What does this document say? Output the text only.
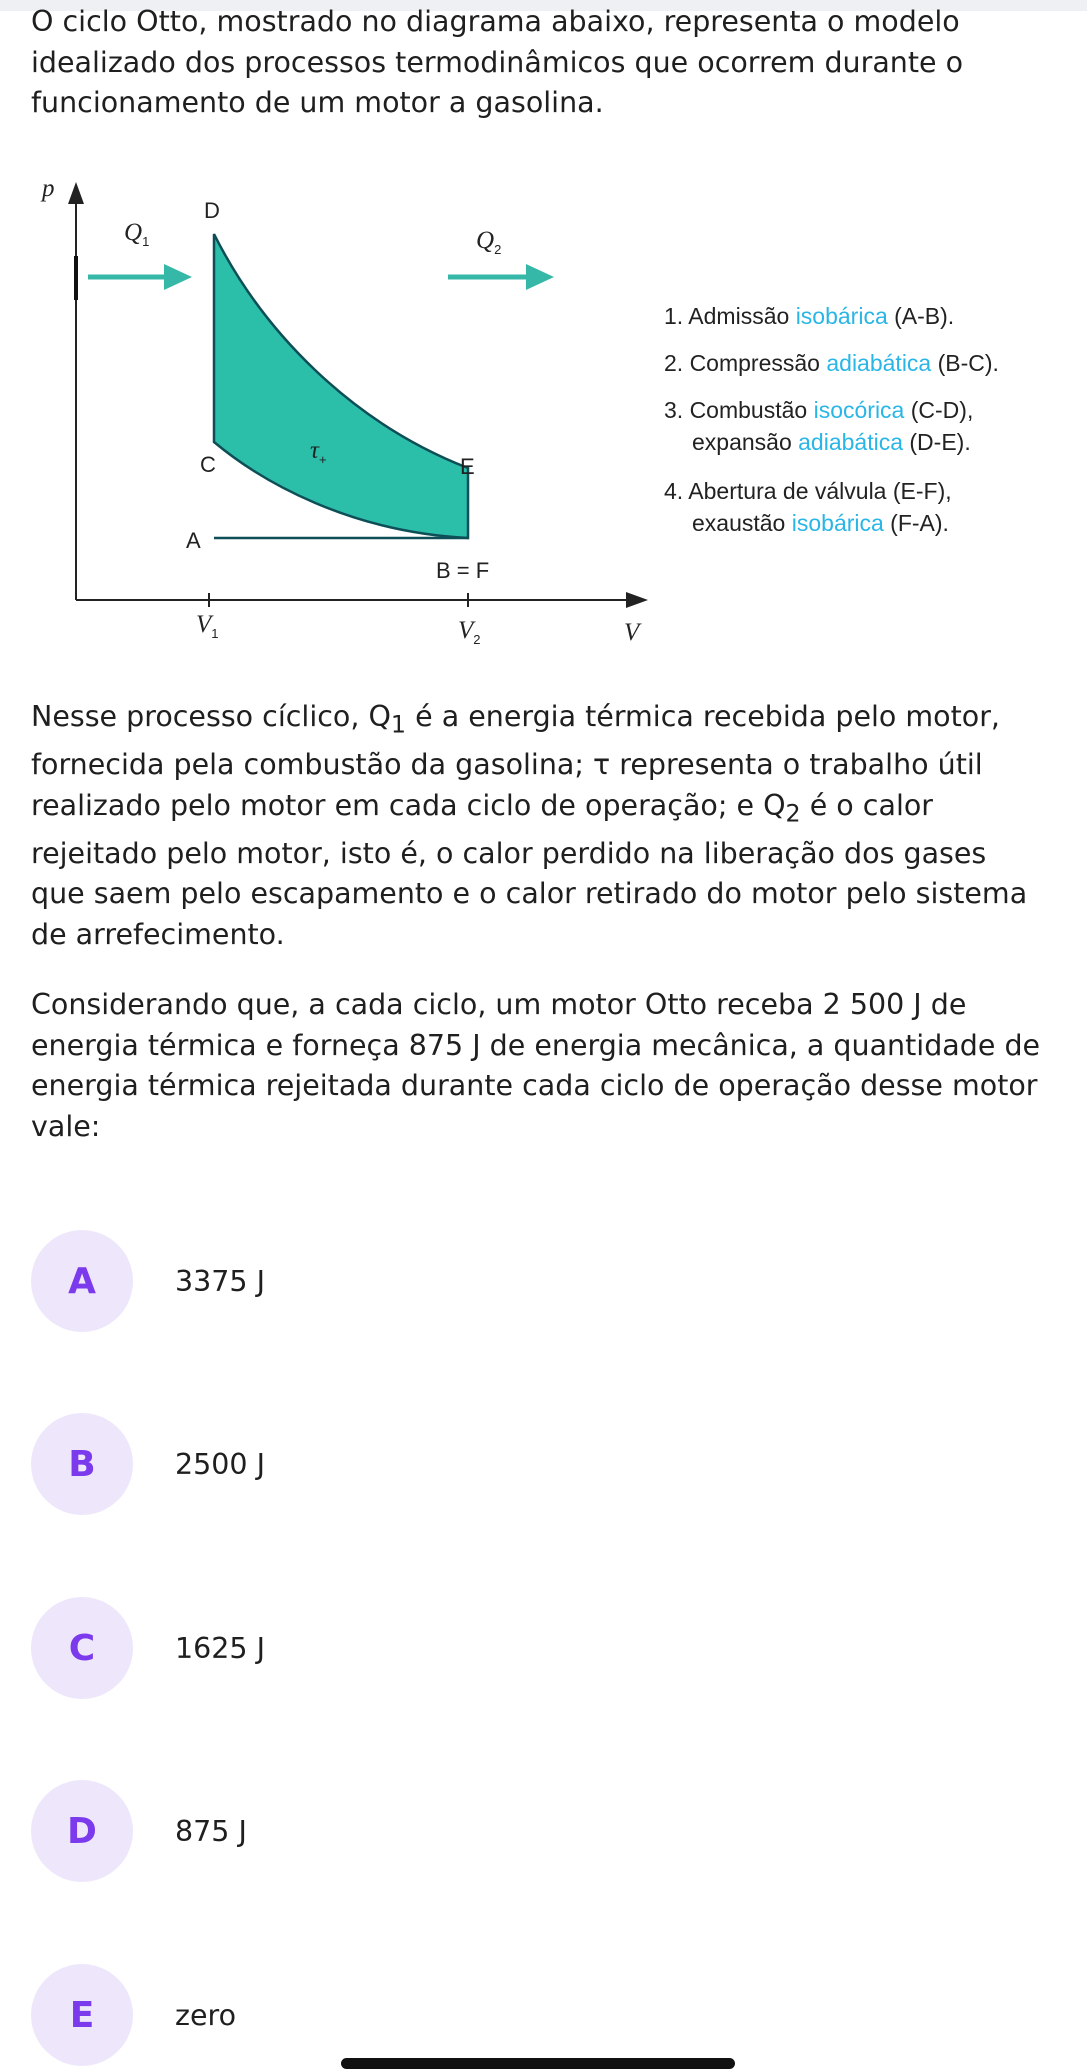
O ciclo Otto, mostrado no diagrama abaixo, representa o modelo idealizado dos processos termodinâmicos que ocorrem durante o funcionamento de um motor a gasolina.

p
V
$V_1$	$V_2$
$Q_1$	$Q_2$
$\tau_+$
D
C	E
A
B = F
1. Admissão isobárica (A-B).
2. Compressão adiabática (B-C).
3. Combustão isocórica (C-D),
expansão adiabática (D-E).
4. Abertura de válvula (E-F),
exaustão isobárica (F-A).

Nesse processo cíclico, $Q_1$ é a energia térmica recebida pelo motor, fornecida pela combustão da gasolina; τ representa o trabalho útil realizado pelo motor em cada ciclo de operação; e $Q_2$ é o calor rejeitado pelo motor, isto é, o calor perdido na liberação dos gases que saem pelo escapamento e o calor retirado do motor pelo sistema de arrefecimento.

Considerando que, a cada ciclo, um motor Otto receba 2 500 J de energia térmica e forneça 875 J de energia mecânica, a quantidade de energia térmica rejeitada durante cada ciclo de operação desse motor vale:

A	3375 J
B	2500 J
C	1625 J
D	875 J
E	zero
